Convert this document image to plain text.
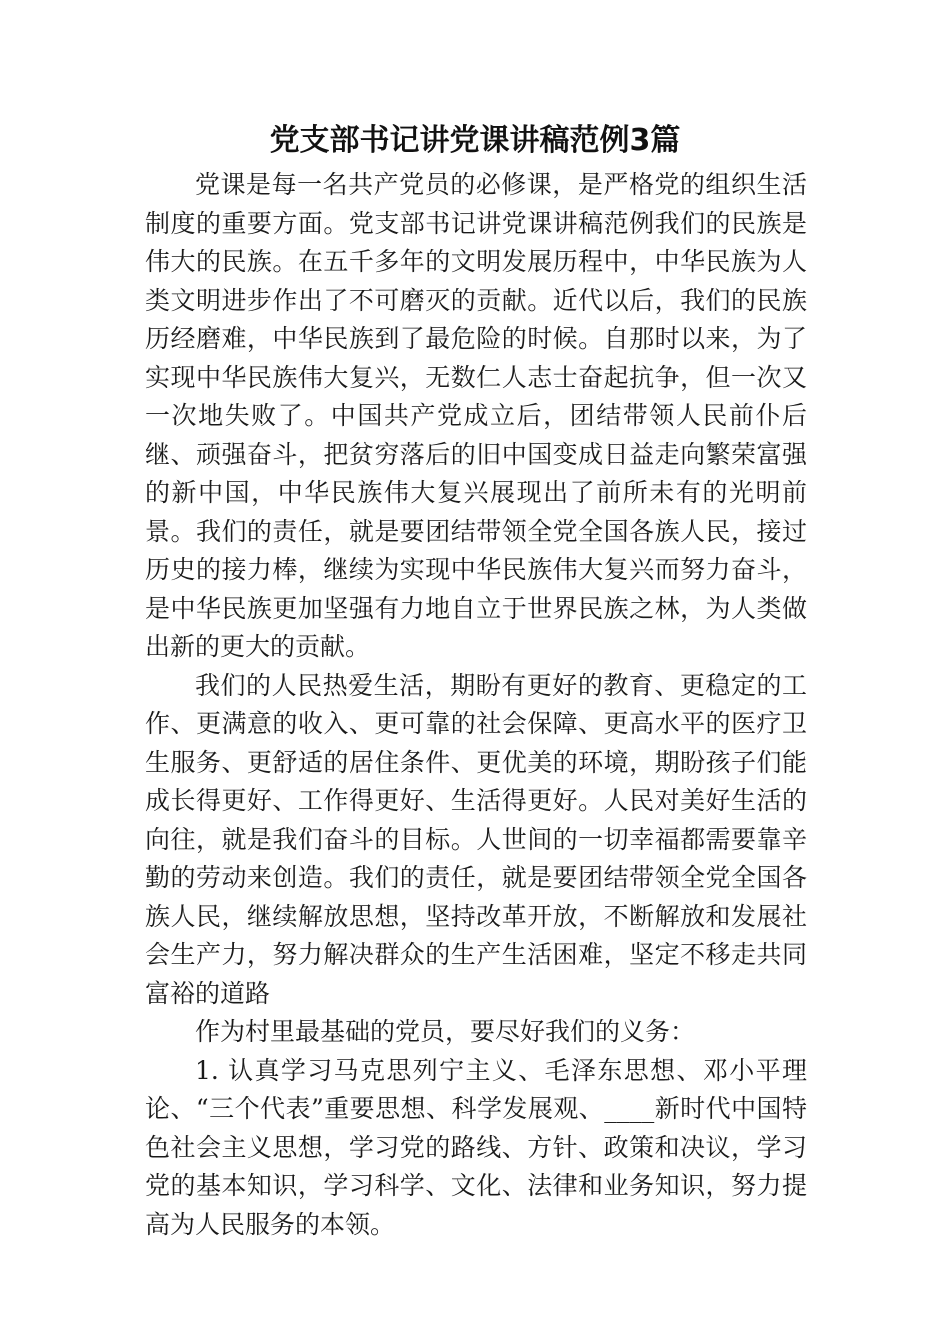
党支部书记讲党课讲稿范例3篇

党课是每一名共产党员的必修课，是严格党的组织生活制度的重要方面。党支部书记讲党课讲稿范例我们的民族是伟大的民族。在五千多年的文明发展历程中，中华民族为人类文明进步作出了不可磨灭的贡献。近代以后，我们的民族历经磨难，中华民族到了最危险的时候。自那时以来，为了实现中华民族伟大复兴，无数仁人志士奋起抗争，但一次又一次地失败了。中国共产党成立后，团结带领人民前仆后继、顽强奋斗，把贫穷落后的旧中国变成日益走向繁荣富强的新中国，中华民族伟大复兴展现出了前所未有的光明前景。我们的责任，就是要团结带领全党全国各族人民，接过历史的接力棒，继续为实现中华民族伟大复兴而努力奋斗，是中华民族更加坚强有力地自立于世界民族之林，为人类做出新的更大的贡献。

我们的人民热爱生活，期盼有更好的教育、更稳定的工作、更满意的收入、更可靠的社会保障、更高水平的医疗卫生服务、更舒适的居住条件、更优美的环境，期盼孩子们能成长得更好、工作得更好、生活得更好。人民对美好生活的向往，就是我们奋斗的目标。人世间的一切幸福都需要靠辛勤的劳动来创造。我们的责任，就是要团结带领全党全国各族人民，继续解放思想，坚持改革开放，不断解放和发展社会生产力，努力解决群众的生产生活困难，坚定不移走共同富裕的道路

作为村里最基础的党员，要尽好我们的义务：

1. 认真学习马克思列宁主义、毛泽东思想、邓小平理论、“三个代表”重要思想、科学发展观、____新时代中国特色社会主义思想，学习党的路线、方针、政策和决议，学习党的基本知识，学习科学、文化、法律和业务知识，努力提高为人民服务的本领。
